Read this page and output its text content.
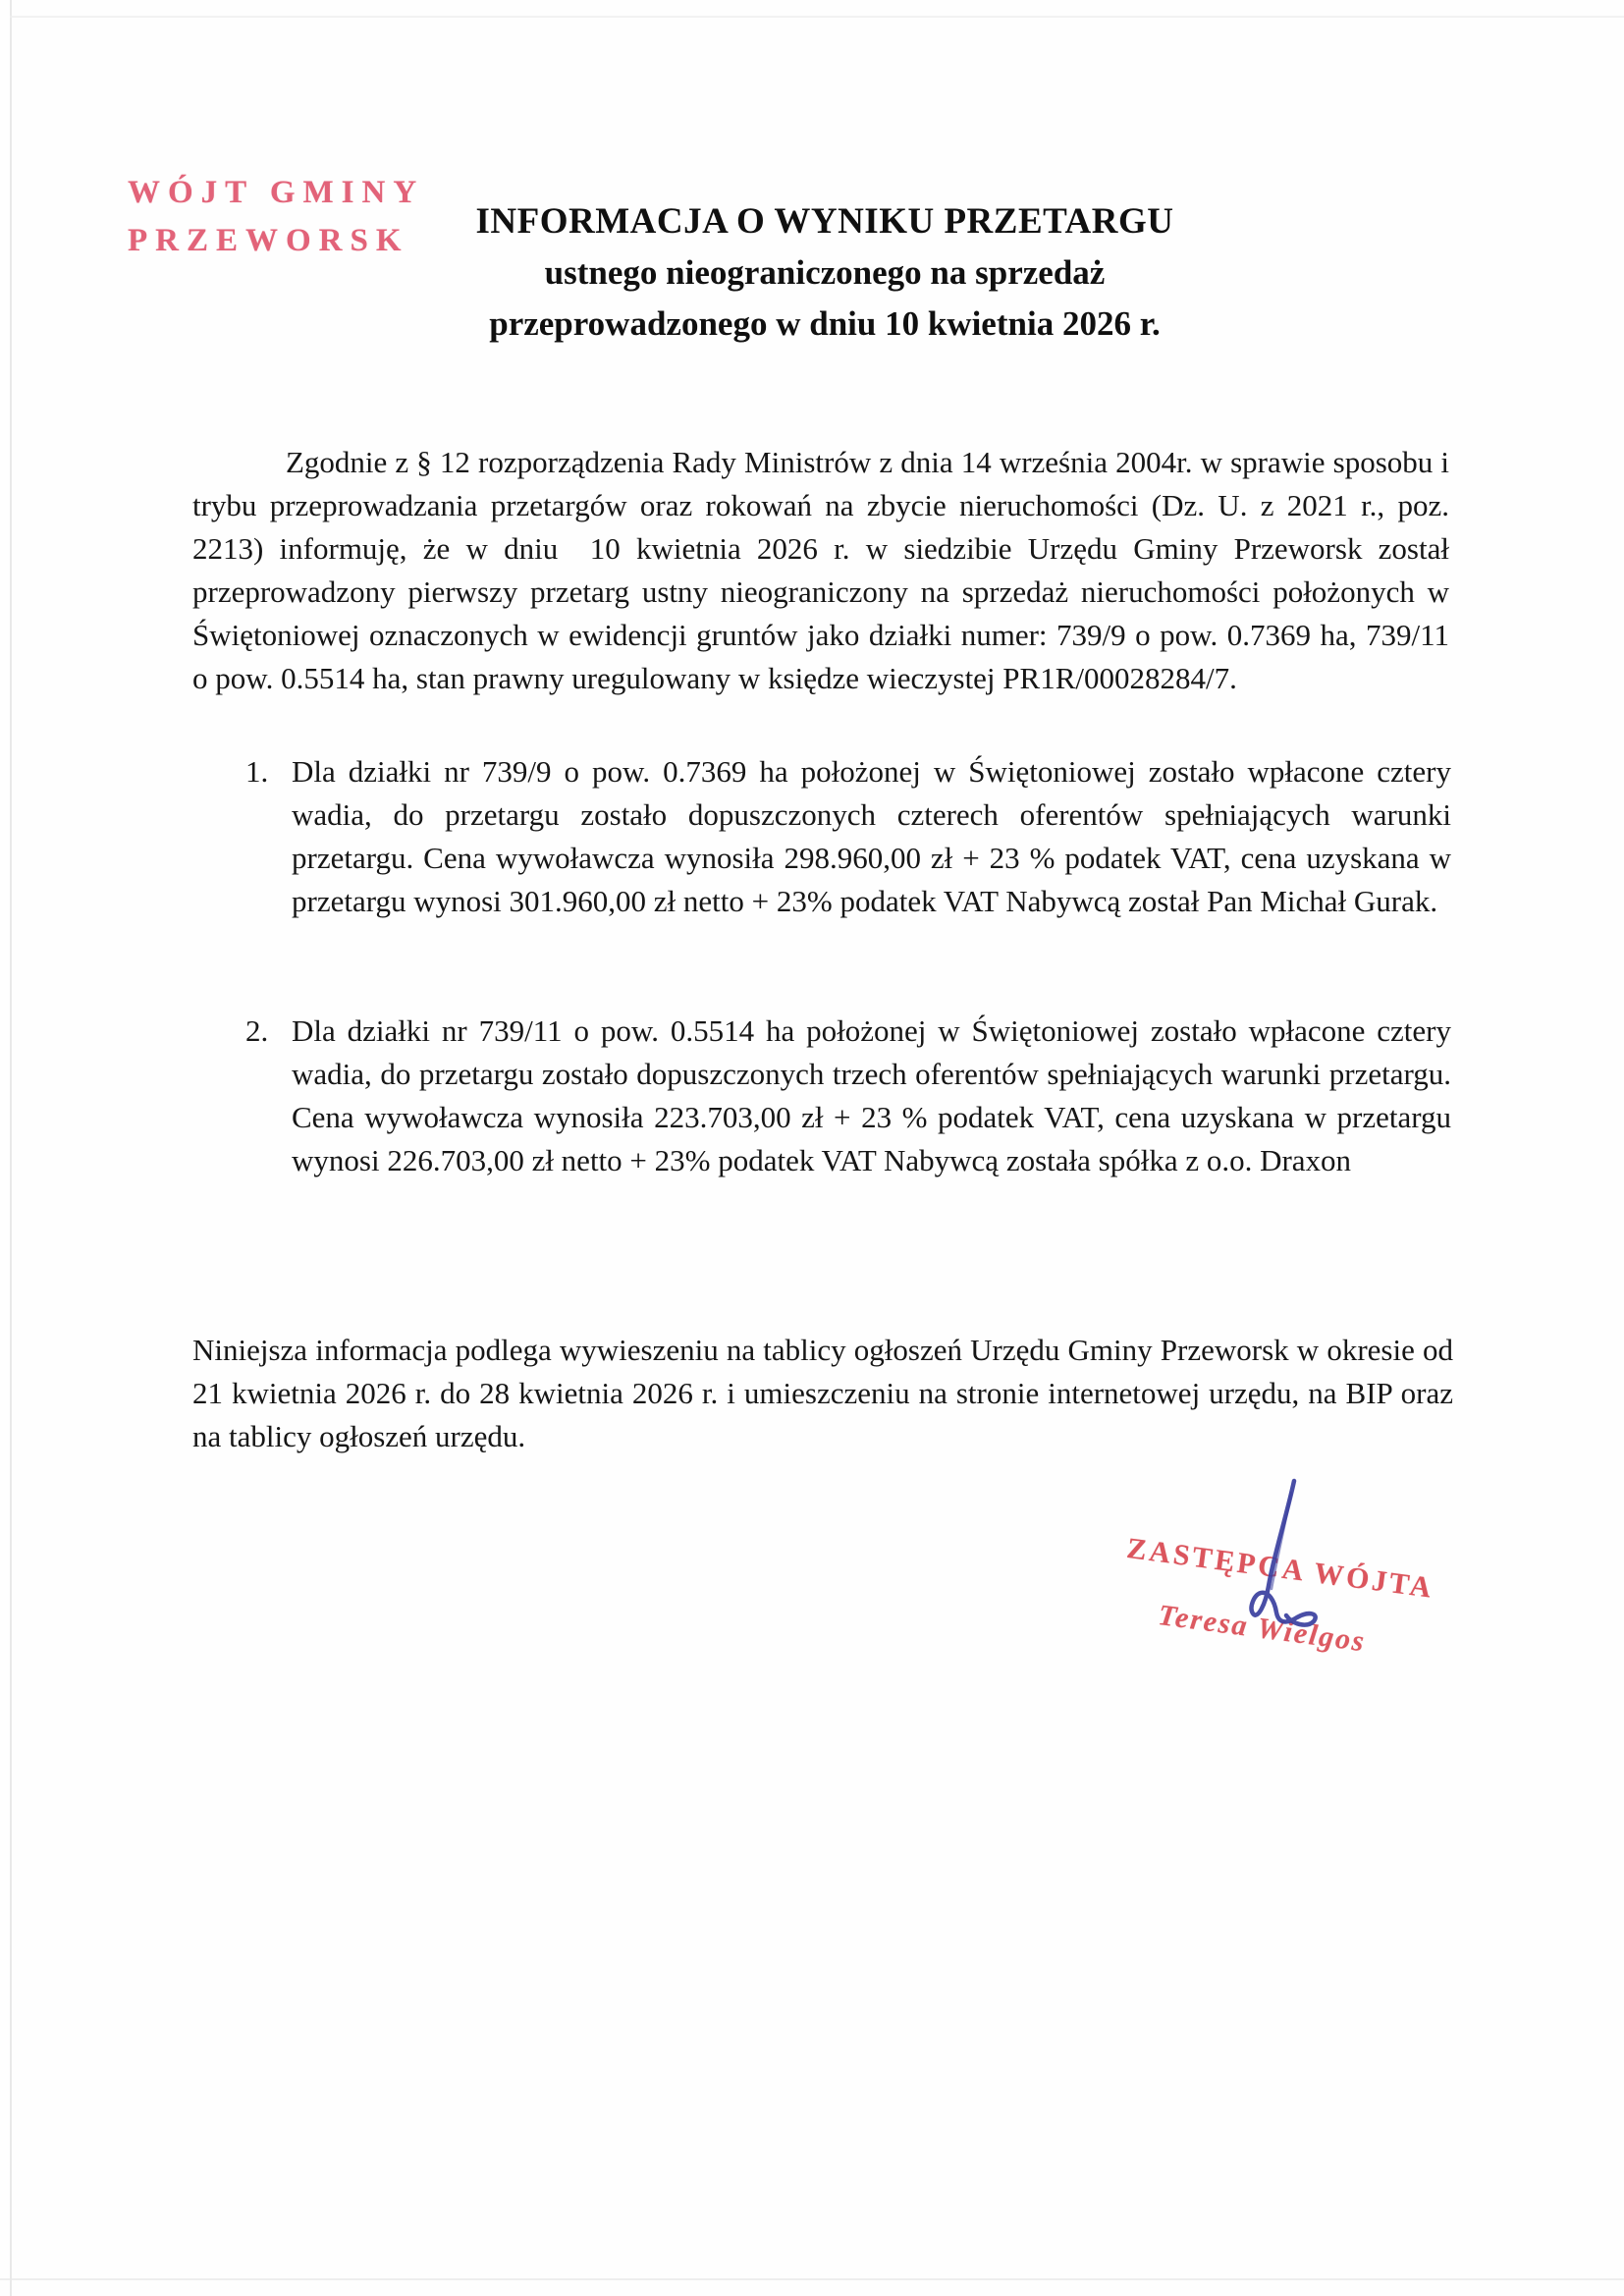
WÓJT GMINY
PRZEWORSK	INFORMACJA O WYNIKU PRZETARGU
ustnego nieograniczonego na sprzedaż
przeprowadzonego w dniu 10 kwietnia 2026 r.

Zgodnie z § 12 rozporządzenia Rady Ministrów z dnia 14 września 2004r. w sprawie sposobu i trybu przeprowadzania przetargów oraz rokowań na zbycie nieruchomości (Dz. U. z 2021 r., poz. 2213) informuję, że w dniu  10 kwietnia 2026 r. w siedzibie Urzędu Gminy Przeworsk został przeprowadzony pierwszy przetarg ustny nieograniczony na sprzedaż nieruchomości położonych w Świętoniowej oznaczonych w ewidencji gruntów jako działki numer: 739/9 o pow. 0.7369 ha, 739/11 o pow. 0.5514 ha, stan prawny uregulowany w księdze wieczystej PR1R/00028284/7.

1. Dla działki nr 739/9 o pow. 0.7369 ha położonej w Świętoniowej zostało wpłacone cztery wadia, do przetargu zostało dopuszczonych czterech oferentów spełniających warunki przetargu. Cena wywoławcza wynosiła 298.960,00 zł + 23 % podatek VAT, cena uzyskana w przetargu wynosi 301.960,00 zł netto + 23% podatek VAT Nabywcą został Pan Michał Gurak.
2. Dla działki nr 739/11 o pow. 0.5514 ha położonej w Świętoniowej zostało wpłacone cztery wadia, do przetargu zostało dopuszczonych trzech oferentów spełniających warunki przetargu. Cena wywoławcza wynosiła 223.703,00 zł + 23 % podatek VAT, cena uzyskana w przetargu wynosi 226.703,00 zł netto + 23% podatek VAT Nabywcą została spółka z o.o. Draxon

Niniejsza informacja podlega wywieszeniu na tablicy ogłoszeń Urzędu Gminy Przeworsk w okresie od  21 kwietnia 2026 r. do 28 kwietnia 2026 r. i umieszczeniu na stronie internetowej urzędu, na BIP oraz na tablicy ogłoszeń urzędu.

ZASTĘPCA WÓJTA
Teresa Wielgos
